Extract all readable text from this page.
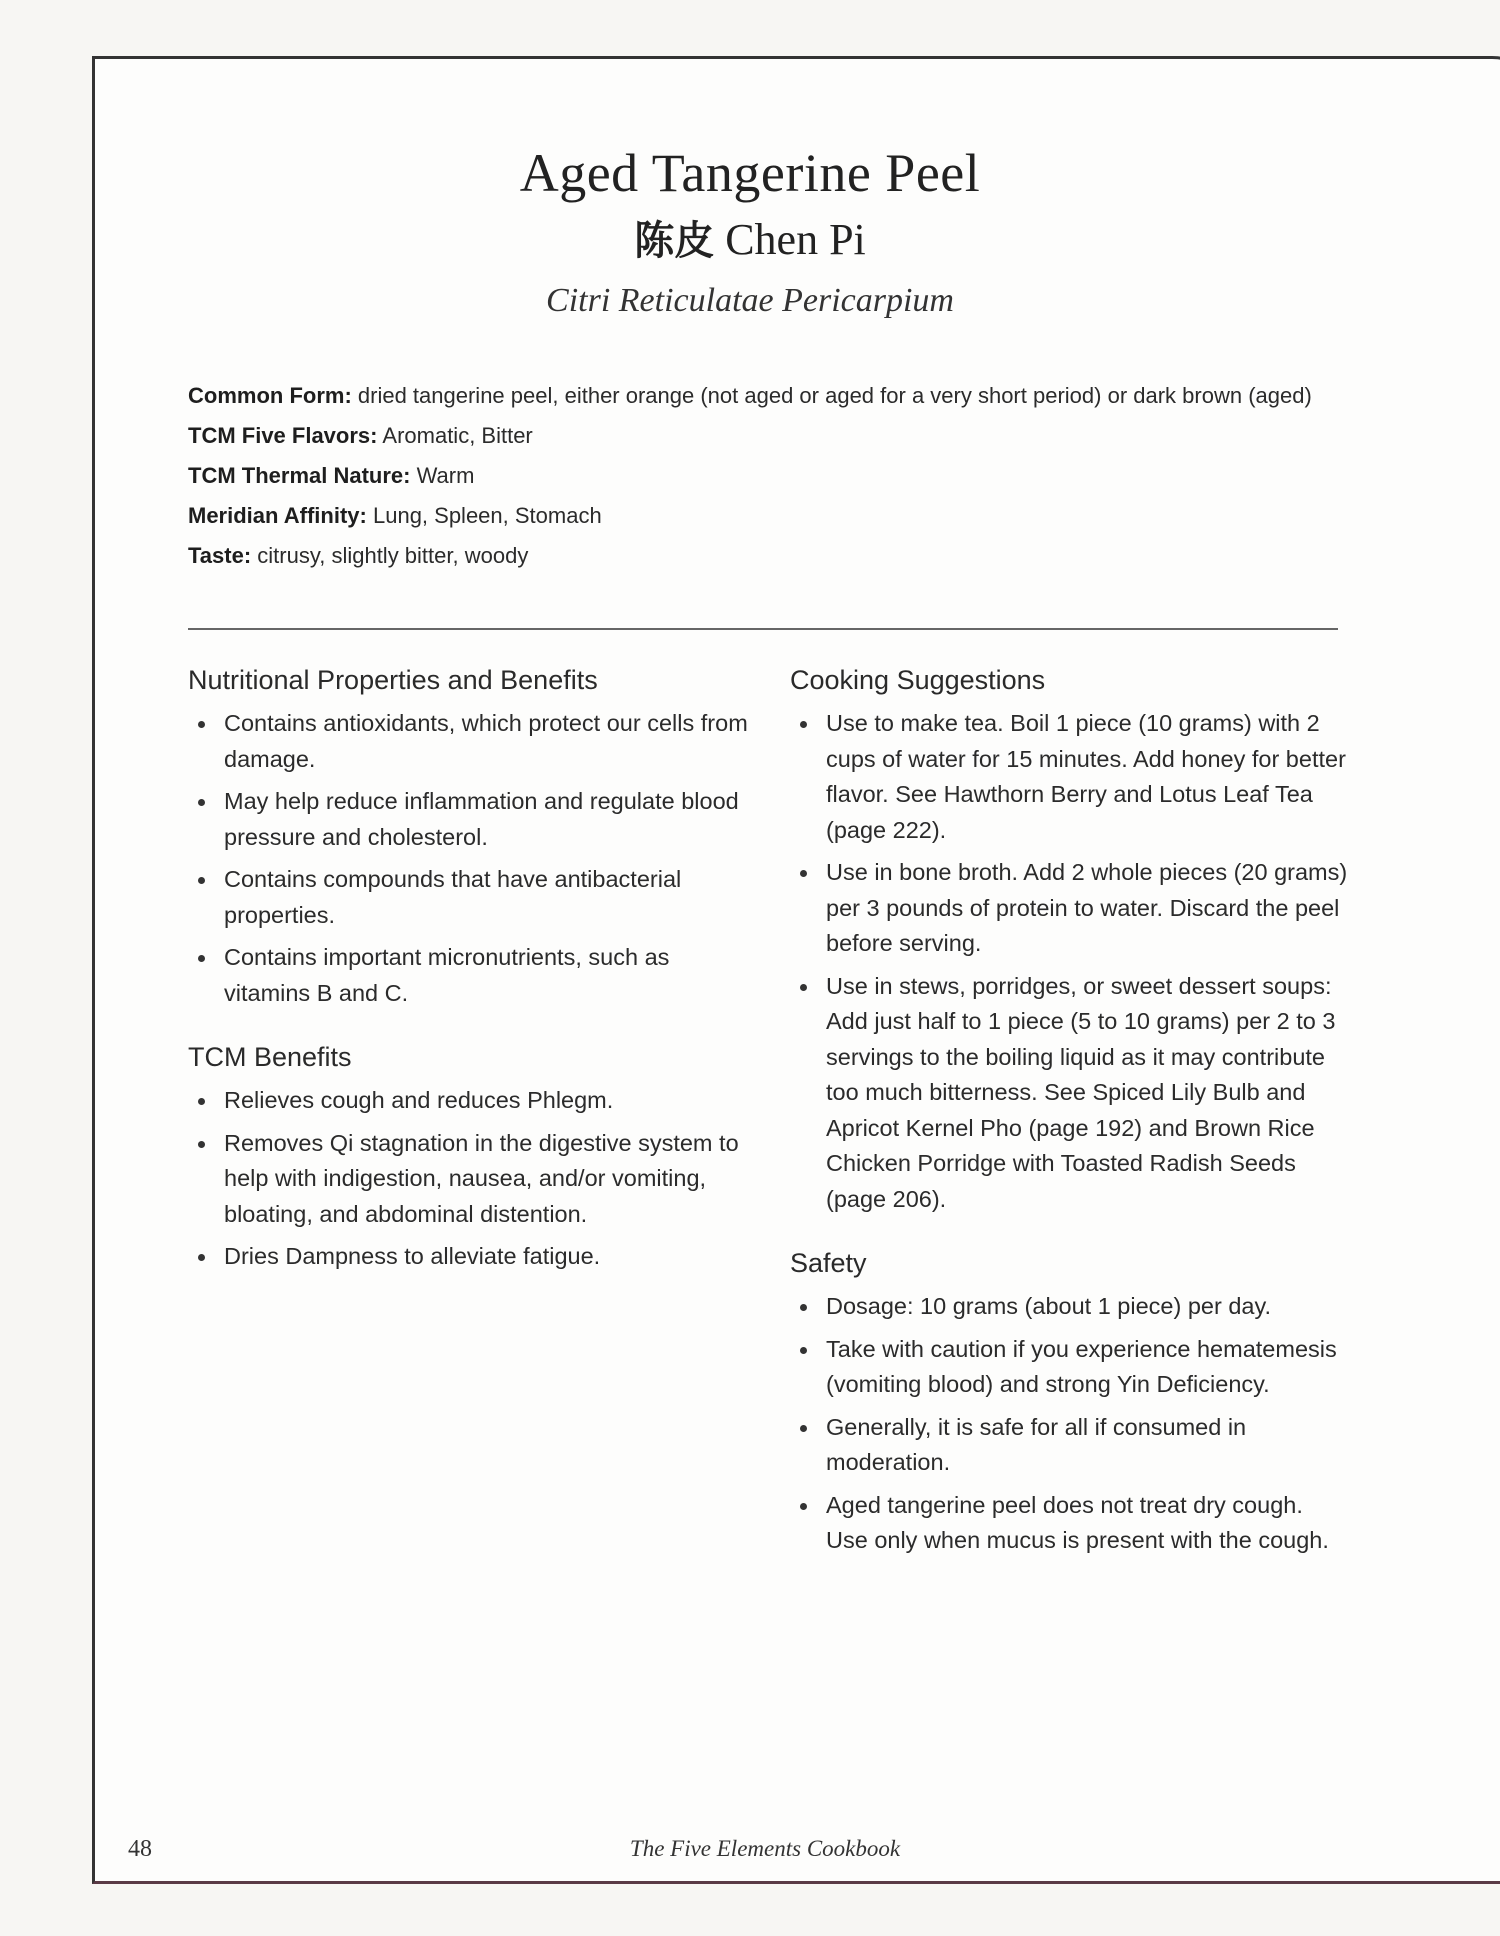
Aged Tangerine Peel
陈皮 Chen Pi
Citri Reticulatae Pericarpium
Common Form: dried tangerine peel, either orange (not aged or aged for a very short period) or dark brown (aged)
TCM Five Flavors: Aromatic, Bitter
TCM Thermal Nature: Warm
Meridian Affinity: Lung, Spleen, Stomach
Taste: citrusy, slightly bitter, woody
Nutritional Properties and Benefits
Contains antioxidants, which protect our cells from damage.
May help reduce inflammation and regulate blood pressure and cholesterol.
Contains compounds that have antibacterial properties.
Contains important micronutrients, such as vitamins B and C.
TCM Benefits
Relieves cough and reduces Phlegm.
Removes Qi stagnation in the digestive system to help with indigestion, nausea, and/or vomiting, bloating, and abdominal distention.
Dries Dampness to alleviate fatigue.
Cooking Suggestions
Use to make tea. Boil 1 piece (10 grams) with 2 cups of water for 15 minutes. Add honey for better flavor. See Hawthorn Berry and Lotus Leaf Tea (page 222).
Use in bone broth. Add 2 whole pieces (20 grams) per 3 pounds of protein to water. Discard the peel before serving.
Use in stews, porridges, or sweet dessert soups: Add just half to 1 piece (5 to 10 grams) per 2 to 3 servings to the boiling liquid as it may contribute too much bitterness. See Spiced Lily Bulb and Apricot Kernel Pho (page 192) and Brown Rice Chicken Porridge with Toasted Radish Seeds (page 206).
Safety
Dosage: 10 grams (about 1 piece) per day.
Take with caution if you experience hematemesis (vomiting blood) and strong Yin Deficiency.
Generally, it is safe for all if consumed in moderation.
Aged tangerine peel does not treat dry cough. Use only when mucus is present with the cough.
48	The Five Elements Cookbook
